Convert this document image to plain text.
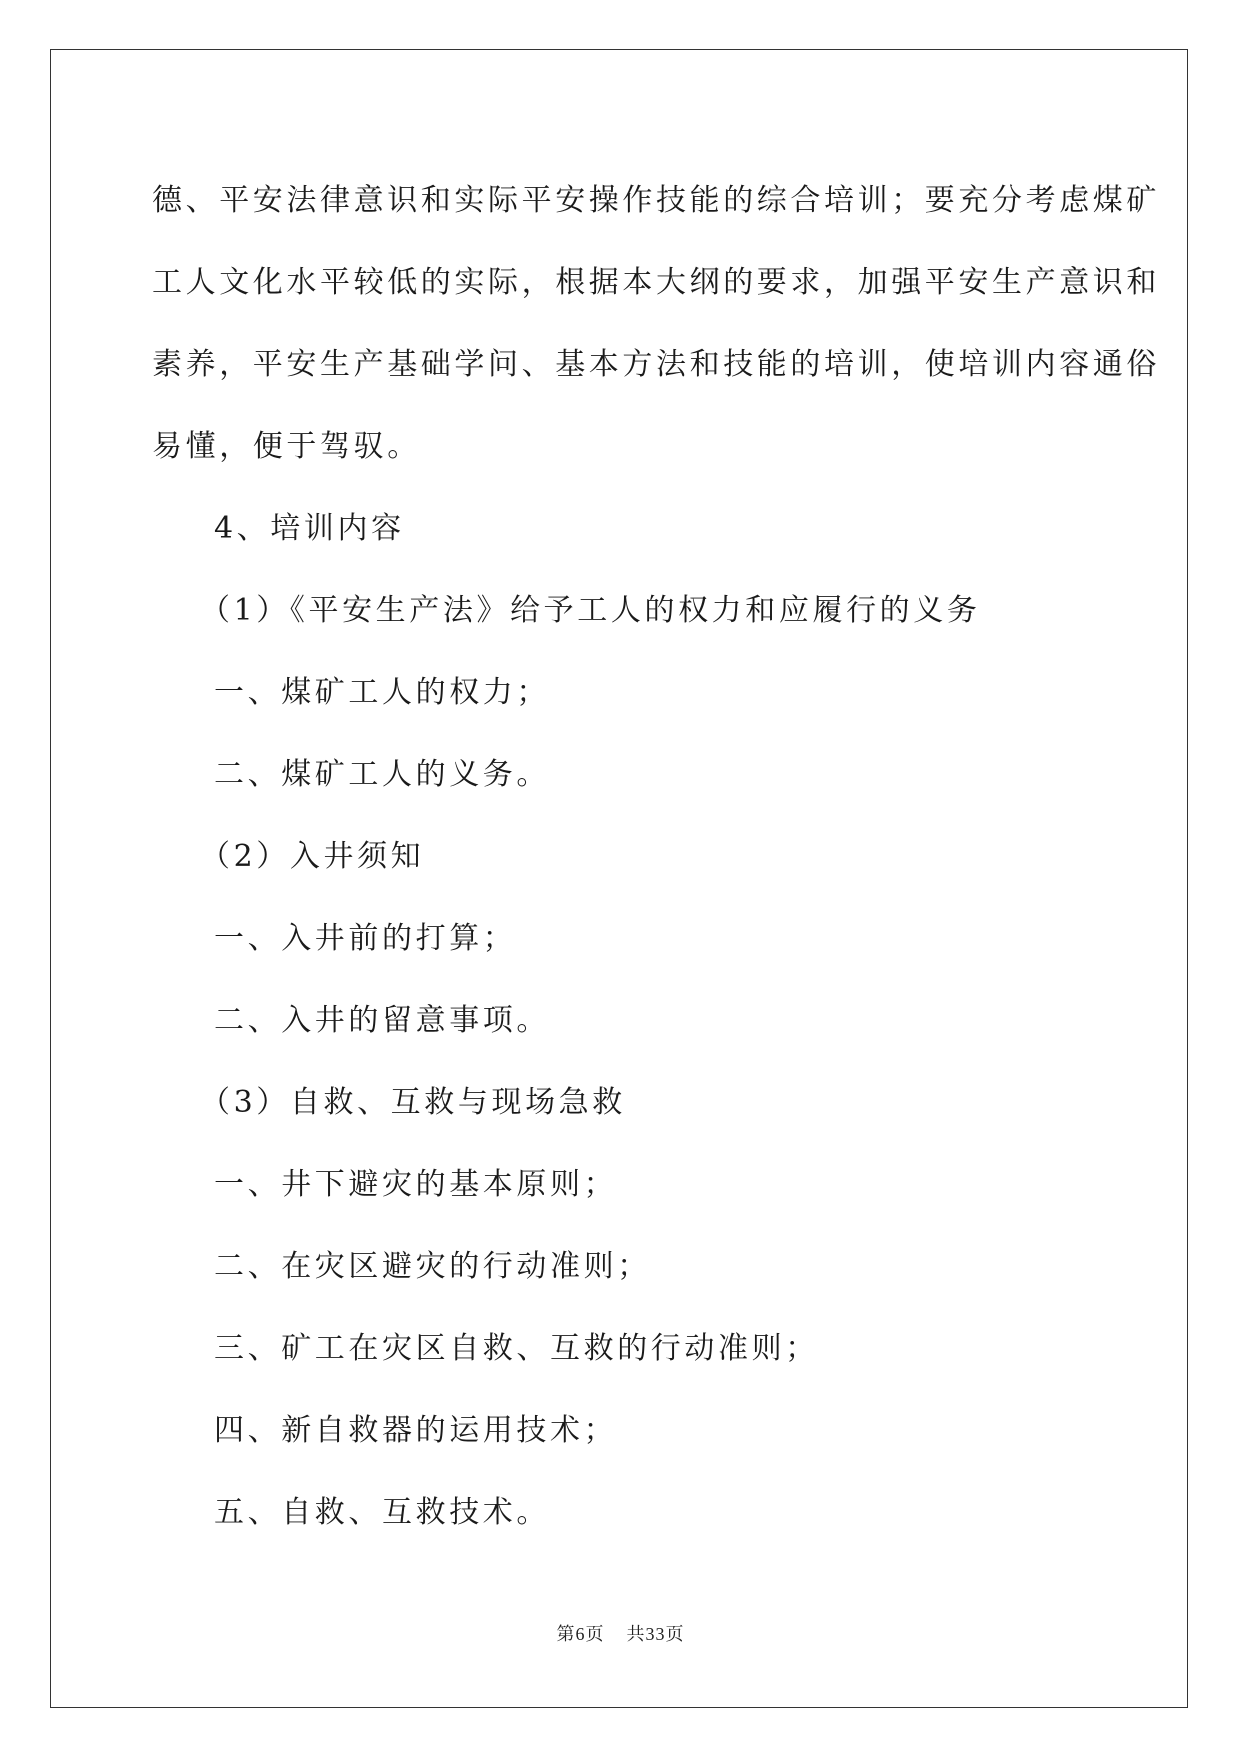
德、平安法律意识和实际平安操作技能的综合培训；要充分考虑煤矿

工人文化水平较低的实际，根据本大纲的要求，加强平安生产意识和

素养，平安生产基础学问、基本方法和技能的培训，使培训内容通俗

易懂，便于驾驭。

4、培训内容

（1）《平安生产法》给予工人的权力和应履行的义务

一、煤矿工人的权力；

二、煤矿工人的义务。

（2）入井须知

一、入井前的打算；

二、入井的留意事项。

（3）自救、互救与现场急救

一、井下避灾的基本原则；

二、在灾区避灾的行动准则；

三、矿工在灾区自救、互救的行动准则；

四、新自救器的运用技术；

五、自救、互救技术。

第6页 共33页
